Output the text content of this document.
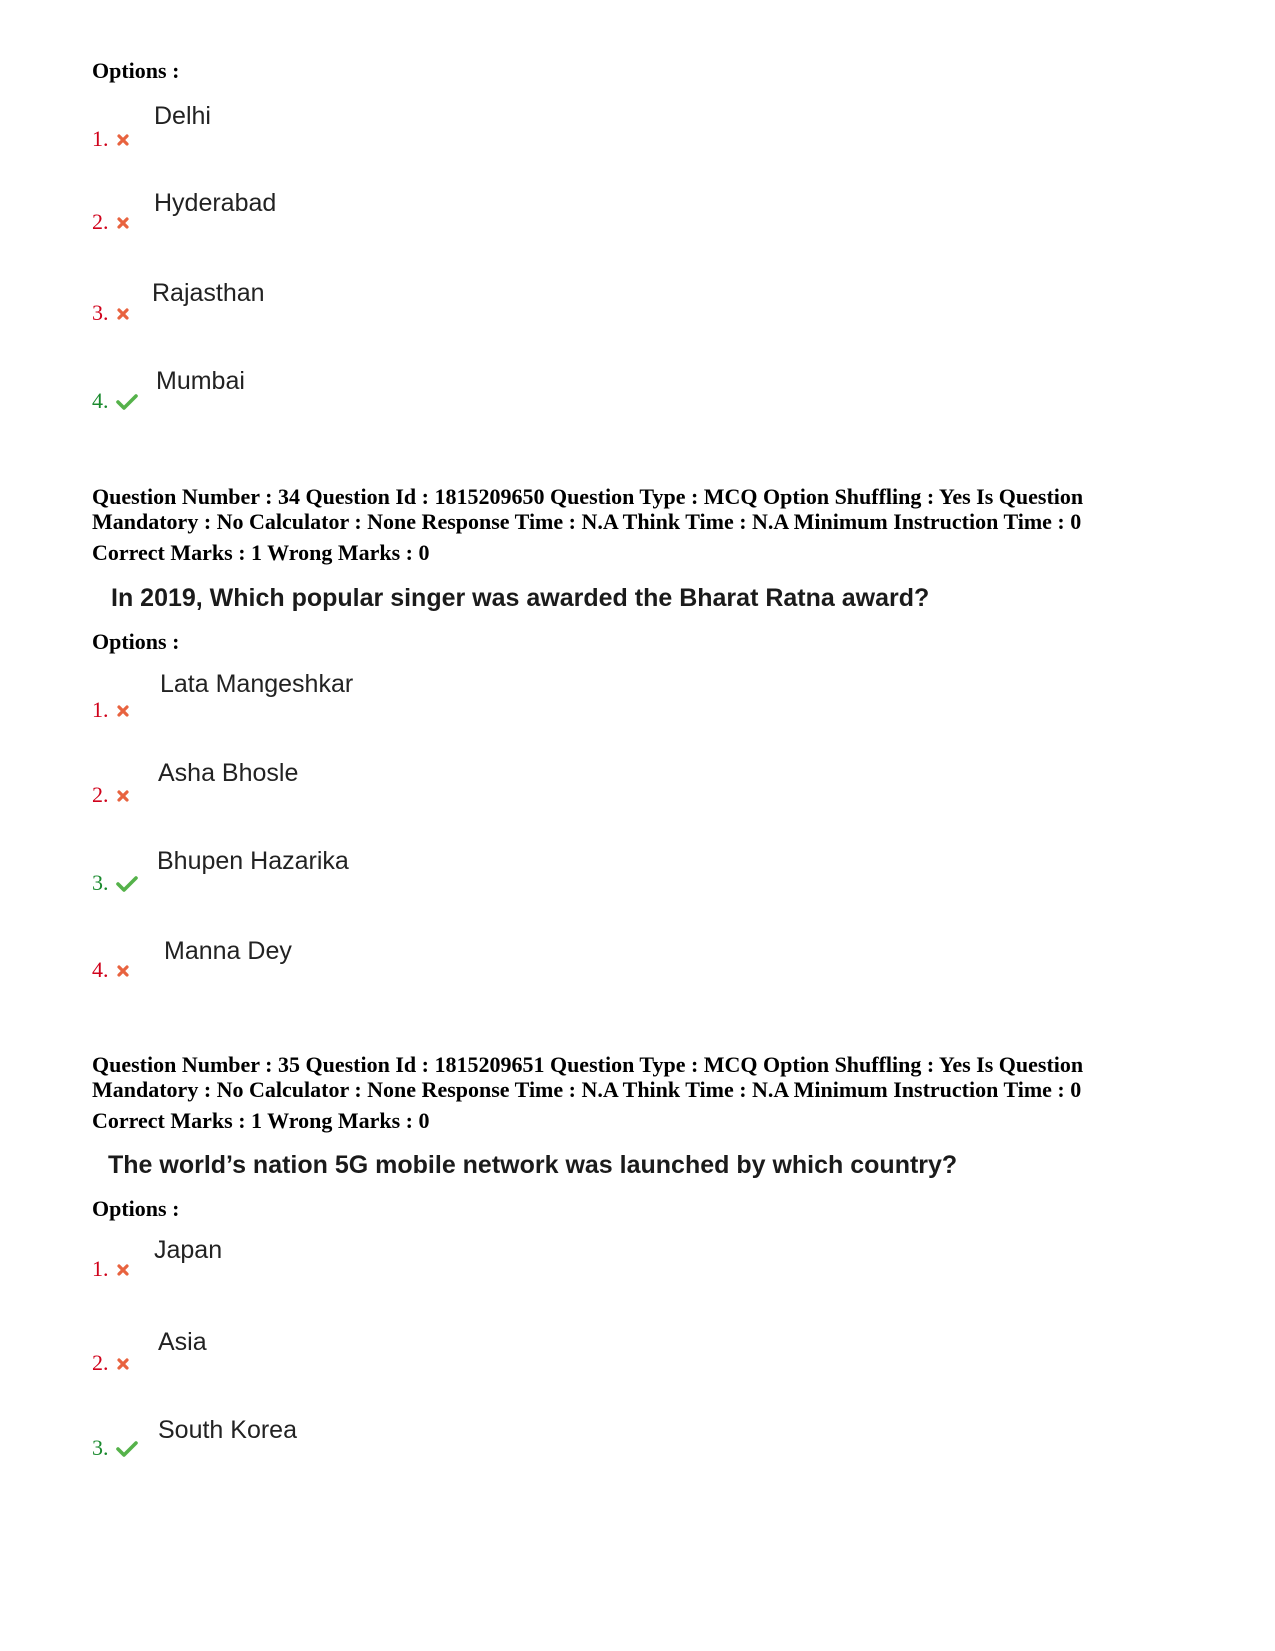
Options :
Delhi
1.
Hyderabad
2.
Rajasthan
3.
Mumbai
4.
Question Number : 34 Question Id : 1815209650 Question Type : MCQ Option Shuffling : Yes Is Question
Mandatory : No Calculator : None Response Time : N.A Think Time : N.A Minimum Instruction Time : 0
Correct Marks : 1 Wrong Marks : 0
In 2019, Which popular singer was awarded the Bharat Ratna award?
Options :
Lata Mangeshkar
1.
Asha Bhosle
2.
Bhupen Hazarika
3.
Manna Dey
4.
Question Number : 35 Question Id : 1815209651 Question Type : MCQ Option Shuffling : Yes Is Question
Mandatory : No Calculator : None Response Time : N.A Think Time : N.A Minimum Instruction Time : 0
Correct Marks : 1 Wrong Marks : 0
The world’s nation 5G mobile network was launched by which country?
Options :
Japan
1.
Asia
2.
South Korea
3.
